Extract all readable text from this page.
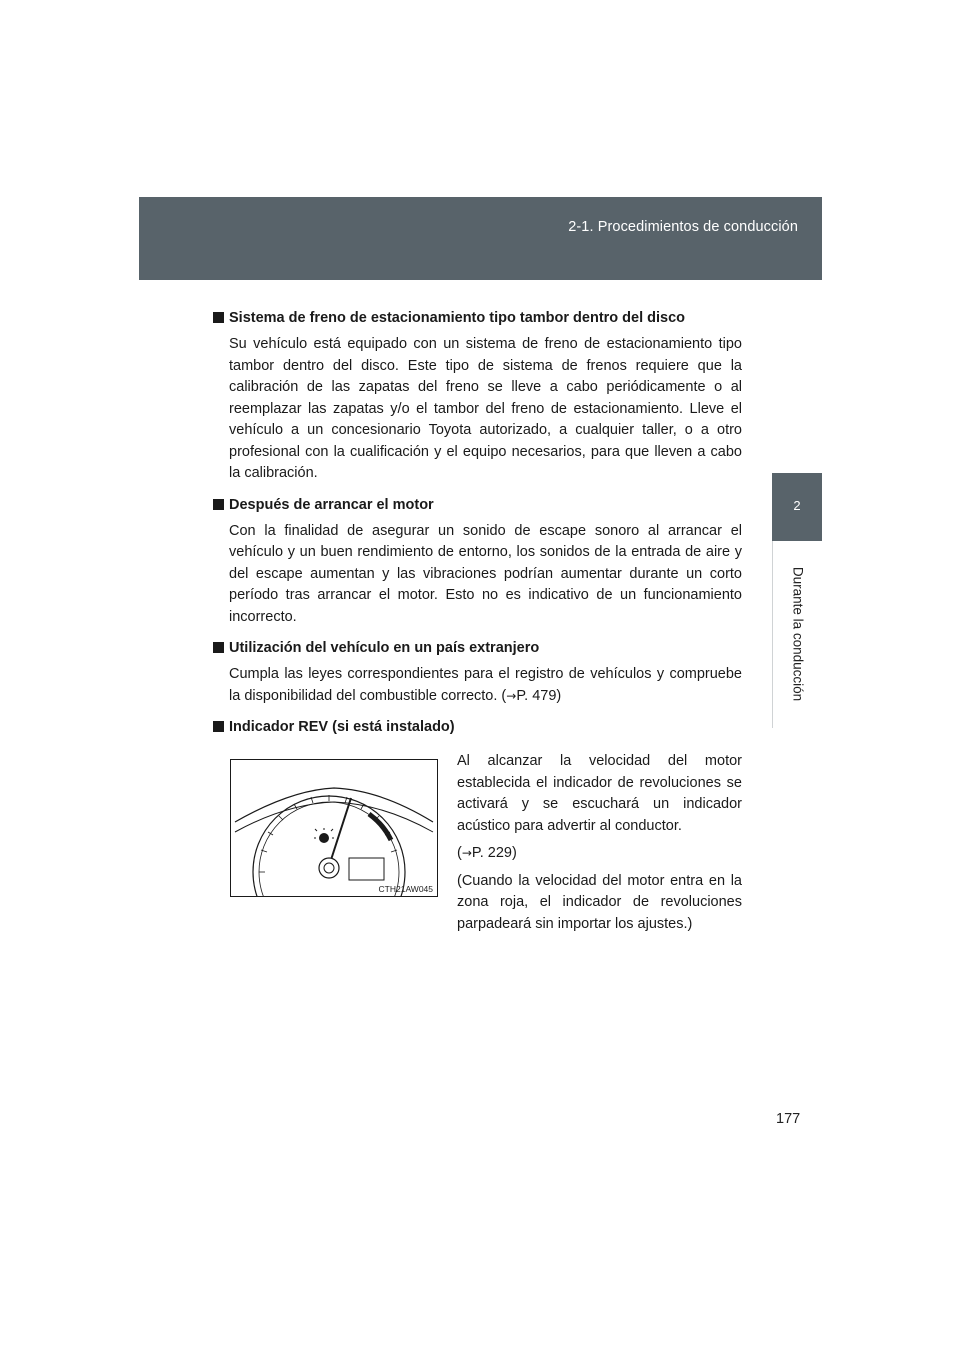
2-1. Procedimientos de conducción
2
Durante la conducción

Sistema de freno de estacionamiento tipo tambor dentro del disco

Su vehículo está equipado con un sistema de freno de estacionamiento tipo tambor dentro del disco. Este tipo de sistema de frenos requiere que la calibración de las zapatas del freno se lleve a cabo periódicamente o al reemplazar las zapatas y/o el tambor del freno de estacionamiento. Lleve el vehículo a un concesionario Toyota autorizado, a cualquier taller, o a otro profesional con la cualificación y el equipo necesarios, para que lleven a cabo la calibración.

Después de arrancar el motor

Con la finalidad de asegurar un sonido de escape sonoro al arrancar el vehículo y un buen rendimiento de entorno, los sonidos de la entrada de aire y del escape aumentan y las vibraciones podrían aumentar durante un corto período tras arrancar el motor. Esto no es indicativo de un funcionamiento incorrecto.

Utilización del vehículo en un país extranjero

Cumpla las leyes correspondientes para el registro de vehículos y compruebe la disponibilidad del combustible correcto. (→P. 479)

Indicador REV (si está instalado)

CTH21AW045

Al alcanzar la velocidad del motor establecida el indicador de revoluciones se activará y se escuchará un indicador acústico para advertir al conductor.

(→P. 229)

(Cuando la velocidad del motor entra en la zona roja, el indicador de revoluciones parpadeará sin importar los ajustes.)

177
